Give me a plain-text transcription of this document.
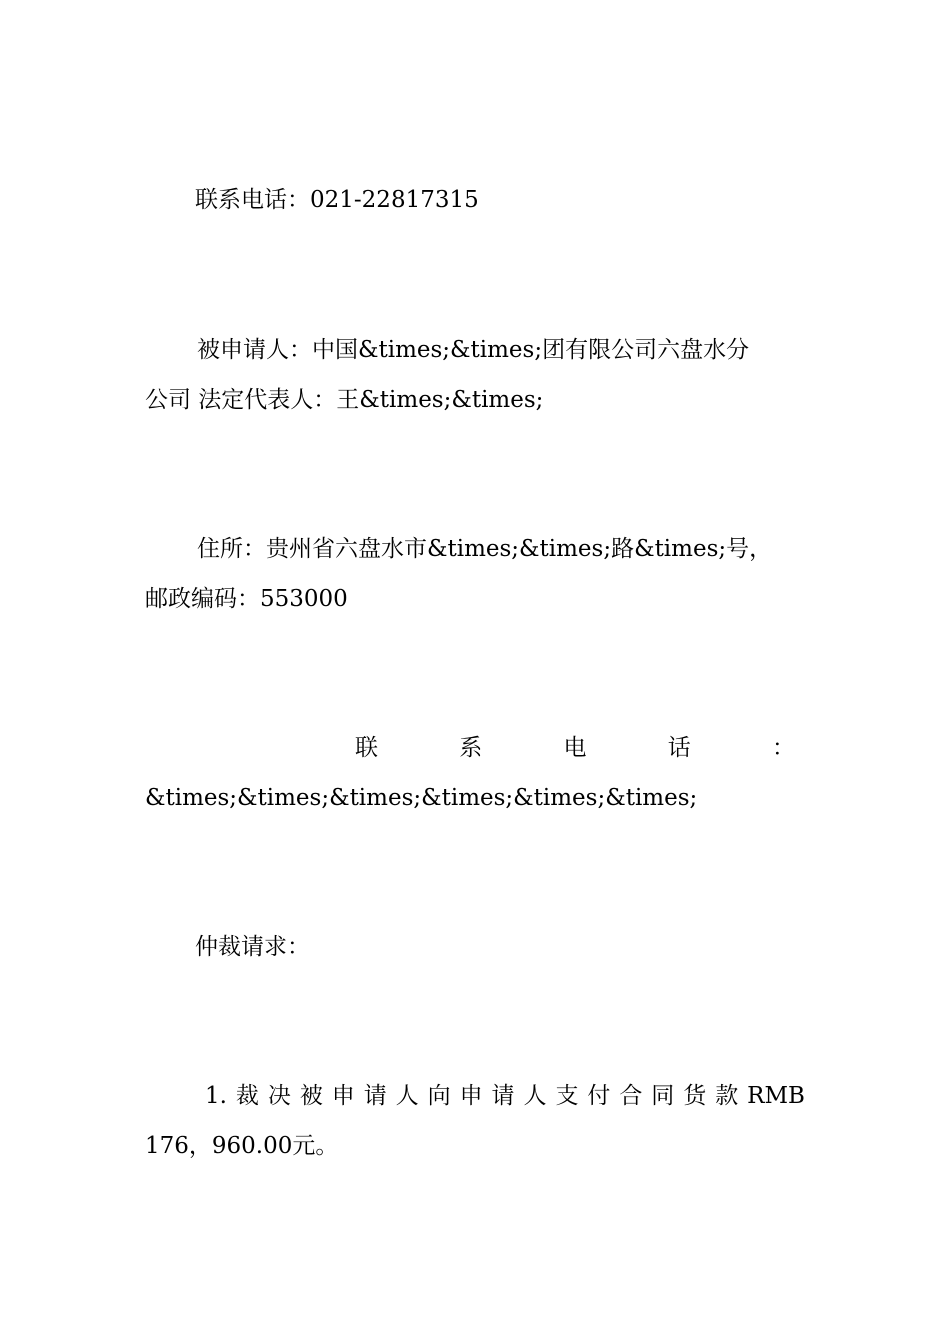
联系电话：021-22817315
被申请人：中国&times;&times;团有限公司六盘水分
公司 法定代表人：王&times;&times;
住所：贵州省六盘水市&times;&times;路&times;号，
邮政编码：553000
联	系	电	话	：
&times;&times;&times;&times;&times;&times;
仲裁请求：
1. 裁 决 被 申 请 人 向 申 请 人 支 付 合 同 货 款 RMB
176，960.00元。
